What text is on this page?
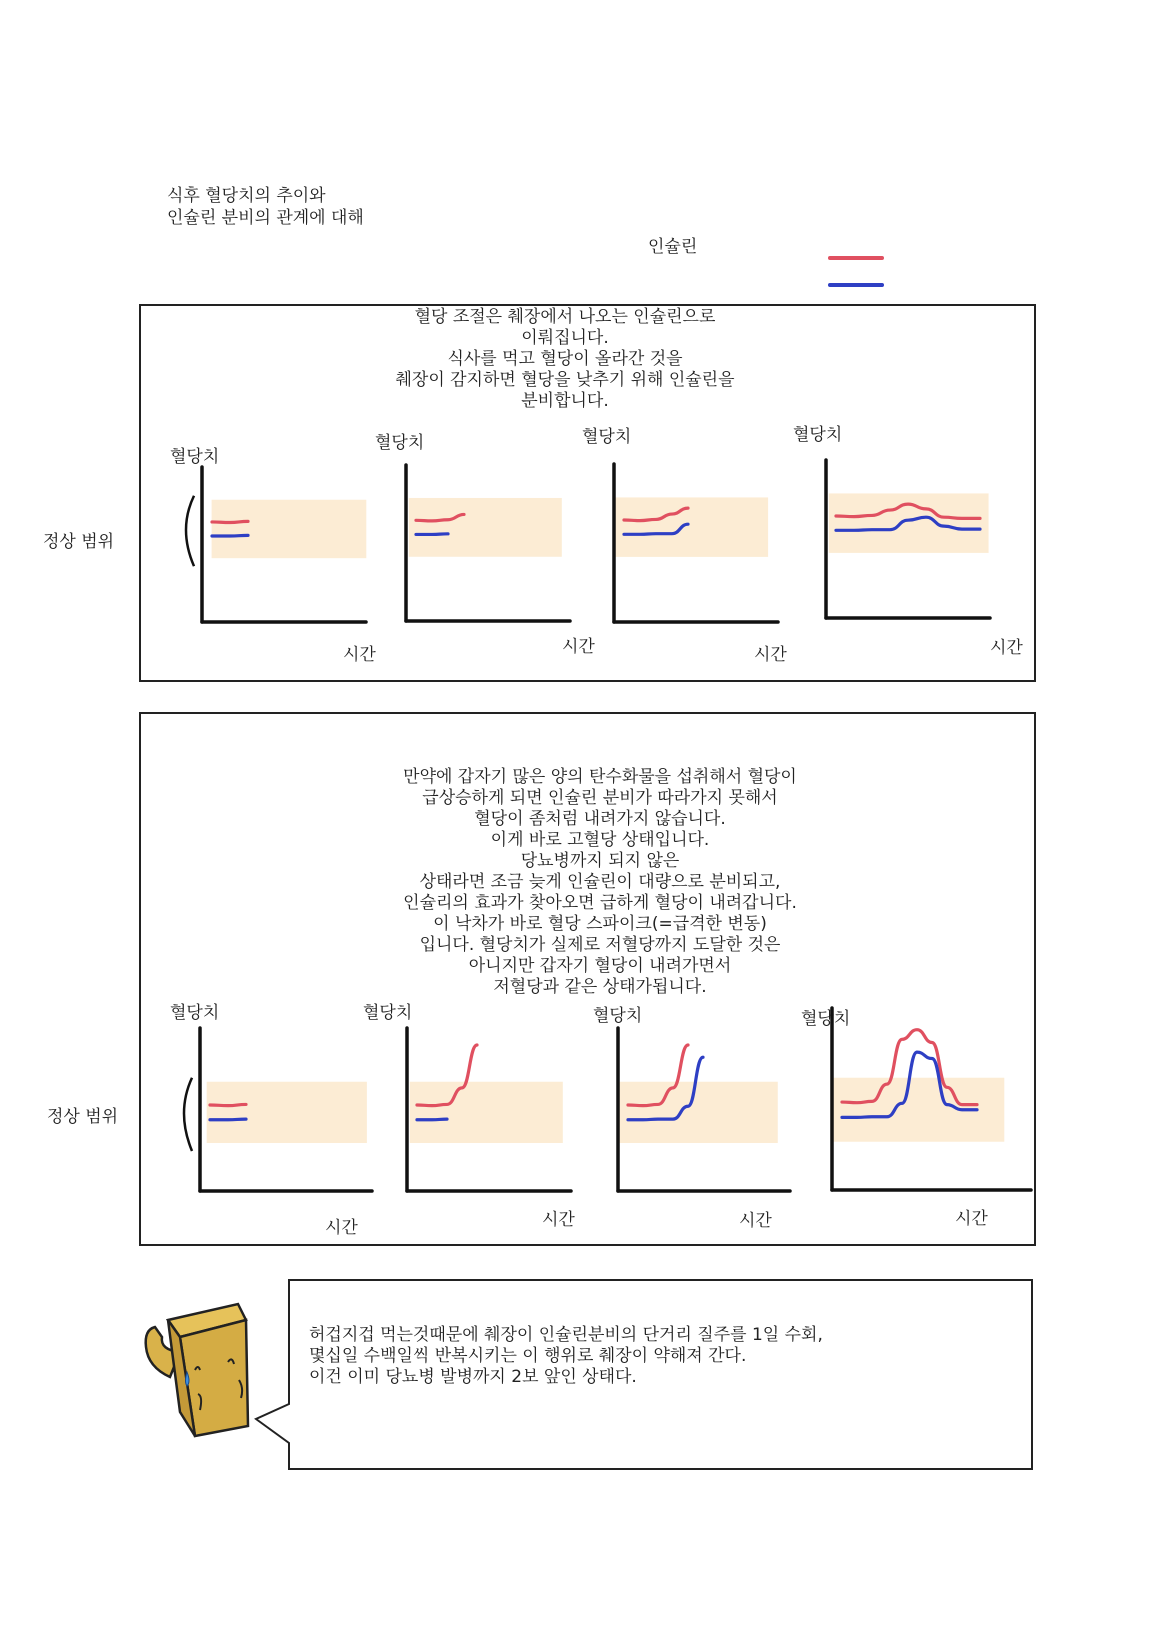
식후 혈당치의 추이와
인슐린 분비의 관계에 대해
인슐린
혈당 조절은 췌장에서 나오는 인슐린으로
이뤄집니다.
식사를 먹고 혈당이 올라간 것을
췌장이 감지하면 혈당을 낮추기 위해 인슐린을
분비합니다.
정상 범위
혈당치
혈당치	혈당치	혈당치
시간	시간	시간	시간
만약에 갑자기 많은 양의 탄수화물을 섭취해서 혈당이
급상승하게 되면 인슐린 분비가 따라가지 못해서
혈당이 좀처럼 내려가지 않습니다.
이게 바로 고혈당 상태입니다.
당뇨병까지 되지 않은
상태라면 조금 늦게 인슐린이 대량으로 분비되고,
인슐리의 효과가 찾아오면 급하게 혈당이 내려갑니다.
이 낙차가 바로 혈당 스파이크(=급격한 변동)
입니다. 혈당치가 실제로 저혈당까지 도달한 것은
아니지만 갑자기 혈당이 내려가면서
저혈당과 같은 상태가됩니다.
정상 범위
혈당치	혈당치	혈당치	혈당치
시간	시간	시간	시간
허겁지겁 먹는것때문에 췌장이 인슐린분비의 단거리 질주를 1일 수회,
몇십일 수백일씩 반복시키는 이 행위로 췌장이 약해져 간다.
이건 이미 당뇨병 발병까지 2보 앞인 상태다.
